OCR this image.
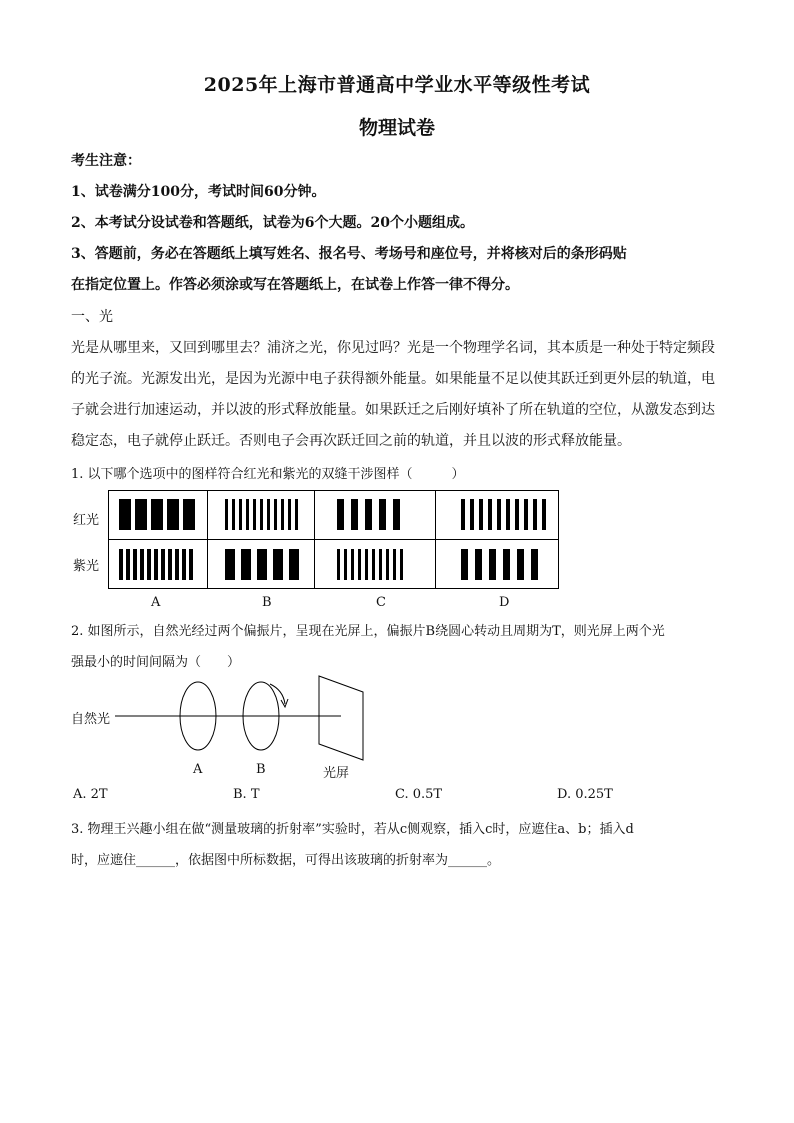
2025年上海市普通高中学业水平等级性考试
物理试卷
考生注意：
1、试卷满分100分，考试时间60分钟。
2、本考试分设试卷和答题纸，试卷为6个大题。20个小题组成。
3、答题前，务必在答题纸上填写姓名、报名号、考场号和座位号，并将核对后的条形码贴
在指定位置上。作答必须涂或写在答题纸上，在试卷上作答一律不得分。
一、光
光是从哪里来，又回到哪里去？浦济之光，你见过吗？光是一个物理学名词，其本质是一种处于特定频段
的光子流。光源发出光，是因为光源中电子获得额外能量。如果能量不足以使其跃迁到更外层的轨道，电
子就会进行加速运动，并以波的形式释放能量。如果跃迁之后刚好填补了所在轨道的空位，从激发态到达
稳定态，电子就停止跃迁。否则电子会再次跃迁回之前的轨道，并且以波的形式释放能量。
1. 以下哪个选项中的图样符合红光和紫光的双缝干涉图样（　　　）
红光
紫光
A	B	C	D
2. 如图所示，自然光经过两个偏振片，呈现在光屏上，偏振片B绕圆心转动且周期为T，则光屏上两个光
强最小的时间间隔为（　　）
自然光
A	B	光屏
A. 2T	B. T	C. 0.5T	D. 0.25T
3. 物理王兴趣小组在做“测量玻璃的折射率”实验时，若从c侧观察，插入c时，应遮住a、b；插入d
时，应遮住______，依据图中所标数据，可得出该玻璃的折射率为______。
